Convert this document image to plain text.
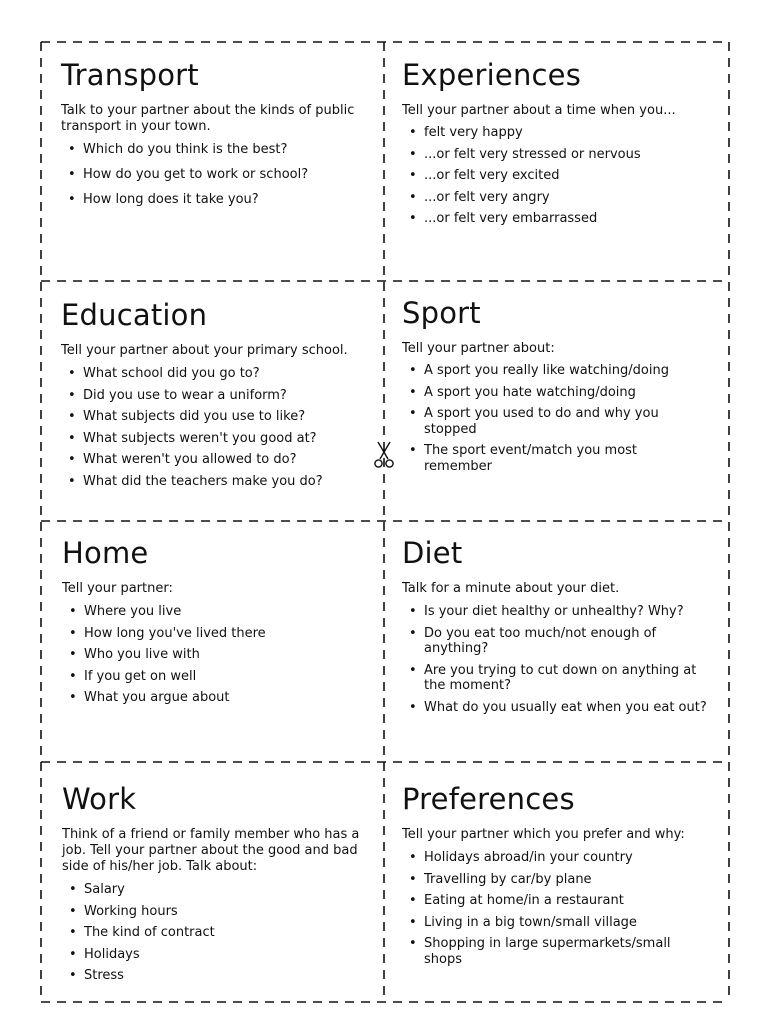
Transport

Talk to your partner about the kinds of public transport in your town.

• Which do you think is the best?
• How do you get to work or school?
• How long does it take you?
Experiences

Tell your partner about a time when you...

• felt very happy
• ...or felt very stressed or nervous
• ...or felt very excited
• ...or felt very angry
• ...or felt very embarrassed
Education

Tell your partner about your primary school.

• What school did you go to?
• Did you use to wear a uniform?
• What subjects did you use to like?
• What subjects weren't you good at?
• What weren't you allowed to do?
• What did the teachers make you do?
Sport

Tell your partner about:

• A sport you really like watching/doing
• A sport you hate watching/doing
• A sport you used to do and why you stopped
• The sport event/match you most remember
Home

Tell your partner:

• Where you live
• How long you've lived there
• Who you live with
• If you get on well
• What you argue about
Diet

Talk for a minute about your diet.

• Is your diet healthy or unhealthy? Why?
• Do you eat too much/not enough of anything?
• Are you trying to cut down on anything at the moment?
• What do you usually eat when you eat out?
Work

Think of a friend or family member who has a job. Tell your partner about the good and bad side of his/her job. Talk about:

• Salary
• Working hours
• The kind of contract
• Holidays
• Stress
Preferences

Tell your partner which you prefer and why:

• Holidays abroad/in your country
• Travelling by car/by plane
• Eating at home/in a restaurant
• Living in a big town/small village
• Shopping in large supermarkets/small shops
